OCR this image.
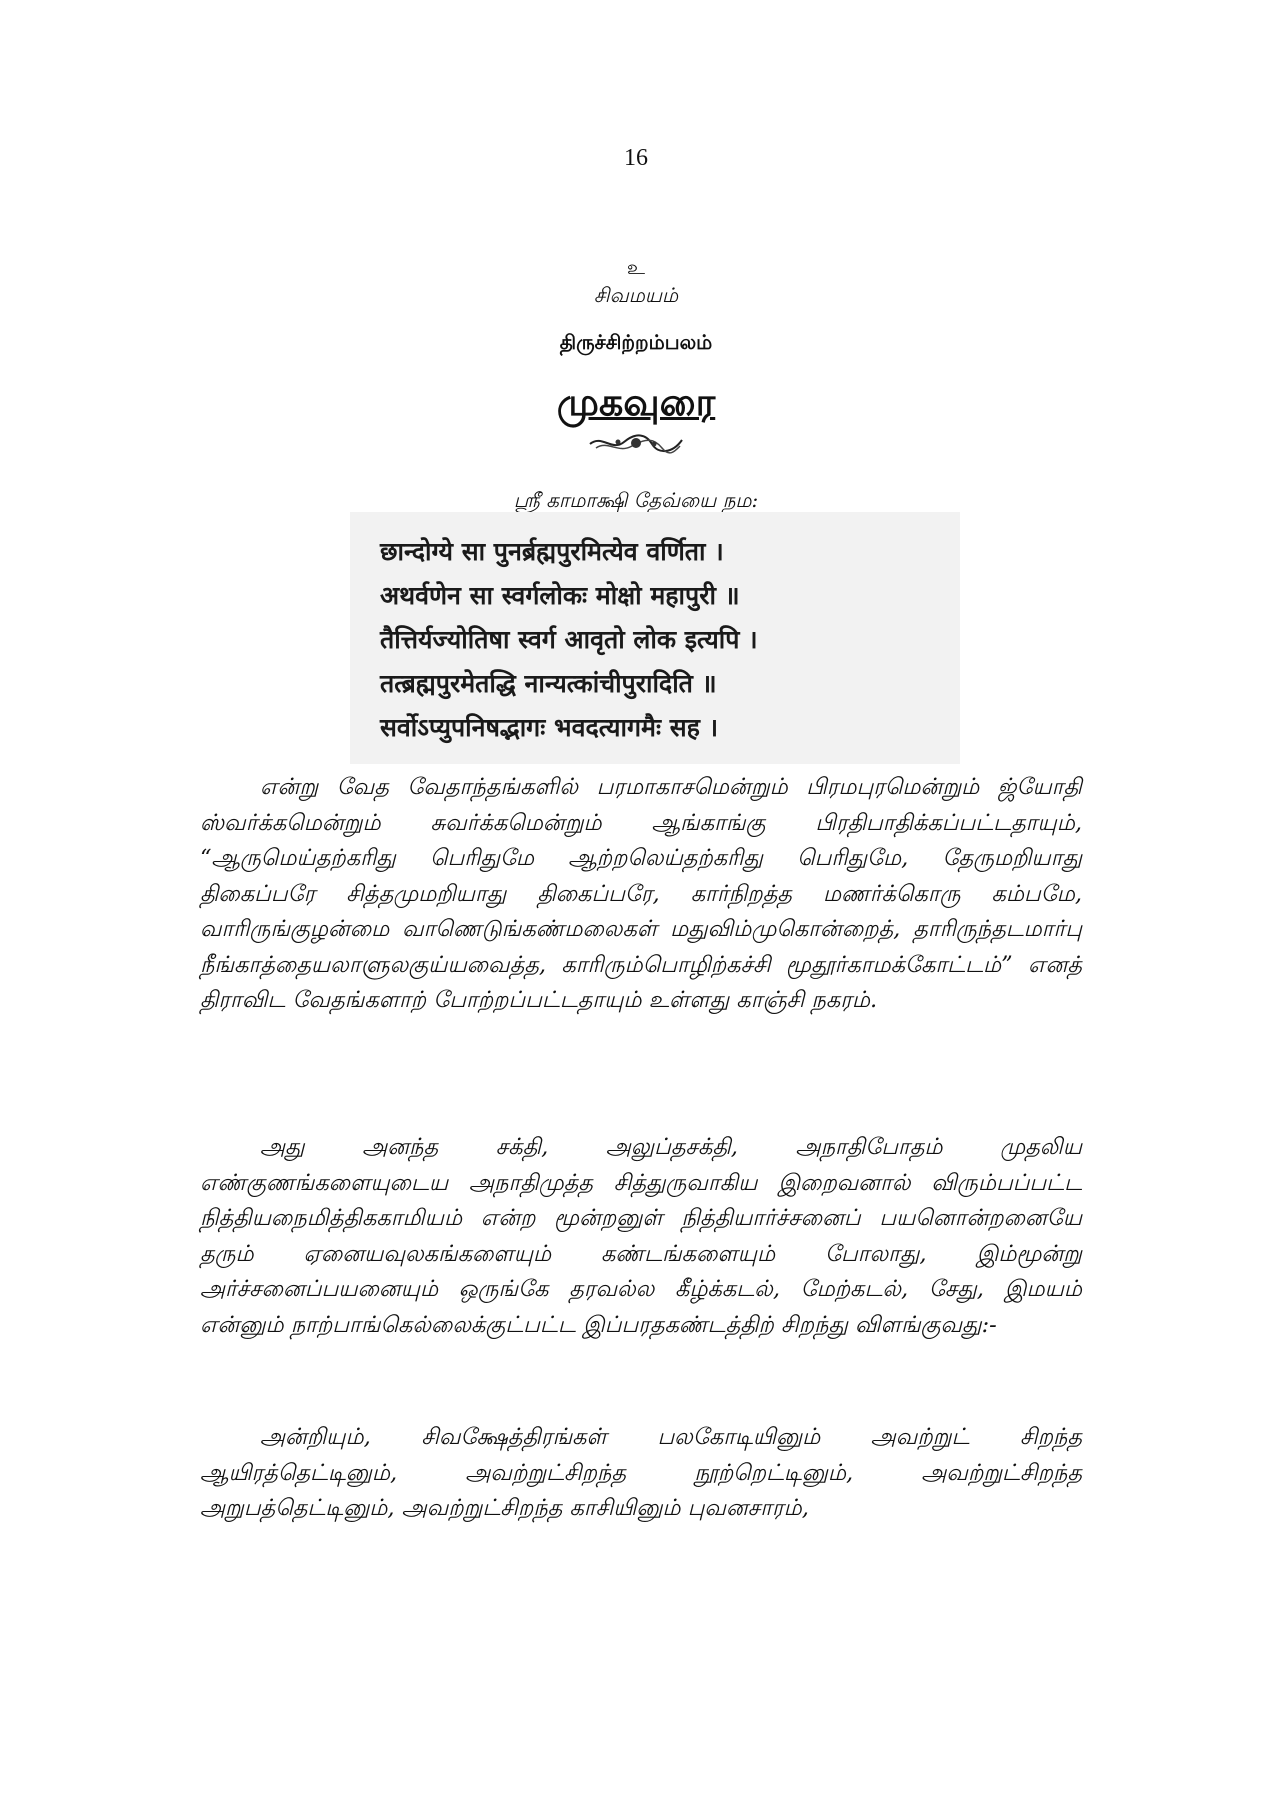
16
உ
சிவமயம்
திருச்சிற்றம்பலம்
முகவுரை
ஸ்ரீ காமாக்ஷி தேவ்யை நம:
छान्दोग्ये सा पुनर्ब्रह्मपुरमित्येव वर्णिता ।
अथर्वणेन सा स्वर्गलोकः मोक्षो महापुरी ॥
तैत्तिर्यज्योतिषा स्वर्ग आवृतो लोक इत्यपि ।
तत्ब्रह्मपुरमेतद्धि नान्यत्कांचीपुरादिति ॥
सर्वोऽप्युपनिषद्भागः भवदत्यागमैः सह ।

என்று வேத வேதாந்தங்களில் பரமாகாசமென்றும் பிரமபுரமென்றும் ஜ்யோதி ஸ்வர்க்கமென்றும் சுவர்க்கமென்றும் ஆங்காங்கு பிரதிபாதிக்கப்பட்டதாயும், “ஆருமெய்தற்கரிது பெரிதுமே ஆற்றலெய்தற்கரிது பெரிதுமே, தேருமறியாது திகைப்பரே சித்தமுமறியாது திகைப்பரே, கார்நிறத்த மணர்க்கொரு கம்பமே, வாரிருங்குழன்மை வாணெடுங்கண்மலைகள் மதுவிம்முகொன்றைத், தாரிருந்தடமார்பு நீங்காத்தையலாளுலகுய்யவைத்த, காரிரும்பொழிற்கச்சி மூதூர்காமக்கோட்டம்” எனத் திராவிட வேதங்களாற் போற்றப்பட்டதாயும் உள்ளது காஞ்சி நகரம்.

அது அனந்த சக்தி, அலுப்தசக்தி, அநாதிபோதம் முதலிய எண்குணங்களையுடைய அநாதிமுத்த சித்துருவாகிய இறைவனால் விரும்பப்பட்ட நித்தியநைமித்திககாமியம் என்ற மூன்றனுள் நித்தியார்ச்சனைப் பயனொன்றனையே தரும் ஏனையவுலகங்களையும் கண்டங்களையும் போலாது, இம்மூன்று அர்ச்சனைப்பயனையும் ஒருங்கே தரவல்ல கீழ்க்கடல், மேற்கடல், சேது, இமயம் என்னும் நாற்பாங்கெல்லைக்குட்பட்ட இப்பரதகண்டத்திற் சிறந்து விளங்குவது:-

அன்றியும், சிவக்ஷேத்திரங்கள் பலகோடியினும் அவற்றுட் சிறந்த ஆயிரத்தெட்டினும், அவற்றுட்சிறந்த நூற்றெட்டினும், அவற்றுட்சிறந்த அறுபத்தெட்டினும், அவற்றுட்சிறந்த காசியினும் புவனசாரம்,
